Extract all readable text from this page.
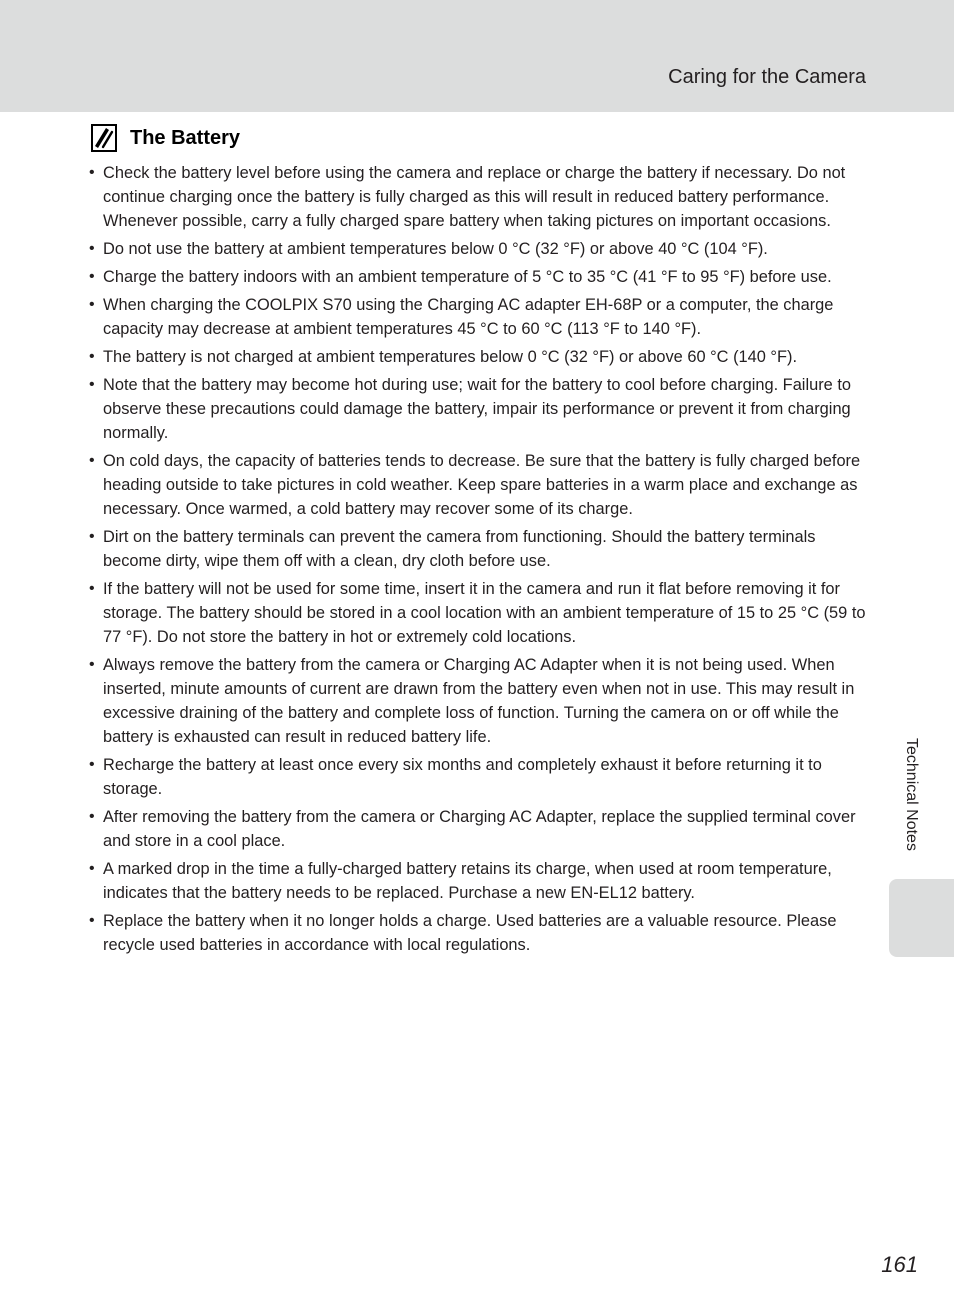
Caring for the Camera
The Battery
• Check the battery level before using the camera and replace or charge the battery if necessary. Do not continue charging once the battery is fully charged as this will result in reduced battery performance. Whenever possible, carry a fully charged spare battery when taking pictures on important occasions.
• Do not use the battery at ambient temperatures below 0 °C (32 °F) or above 40 °C (104 °F).
• Charge the battery indoors with an ambient temperature of 5 °C to 35 °C (41 °F to 95 °F) before use.
• When charging the COOLPIX S70 using the Charging AC adapter EH-68P or a computer, the charge capacity may decrease at ambient temperatures 45 °C to 60 °C (113 °F to 140 °F).
• The battery is not charged at ambient temperatures below 0 °C (32 °F) or above 60 °C (140 °F).
• Note that the battery may become hot during use; wait for the battery to cool before charging. Failure to observe these precautions could damage the battery, impair its performance or prevent it from charging normally.
• On cold days, the capacity of batteries tends to decrease. Be sure that the battery is fully charged before heading outside to take pictures in cold weather. Keep spare batteries in a warm place and exchange as necessary. Once warmed, a cold battery may recover some of its charge.
• Dirt on the battery terminals can prevent the camera from functioning. Should the battery terminals become dirty, wipe them off with a clean, dry cloth before use.
• If the battery will not be used for some time, insert it in the camera and run it flat before removing it for storage. The battery should be stored in a cool location with an ambient temperature of 15 to 25 °C (59 to 77 °F). Do not store the battery in hot or extremely cold locations.
• Always remove the battery from the camera or Charging AC Adapter when it is not being used. When inserted, minute amounts of current are drawn from the battery even when not in use. This may result in excessive draining of the battery and complete loss of function. Turning the camera on or off while the battery is exhausted can result in reduced battery life.
• Recharge the battery at least once every six months and completely exhaust it before returning it to storage.
• After removing the battery from the camera or Charging AC Adapter, replace the supplied terminal cover and store in a cool place.
• A marked drop in the time a fully-charged battery retains its charge, when used at room temperature, indicates that the battery needs to be replaced. Purchase a new EN-EL12 battery.
• Replace the battery when it no longer holds a charge. Used batteries are a valuable resource. Please recycle used batteries in accordance with local regulations.
Technical Notes
161
